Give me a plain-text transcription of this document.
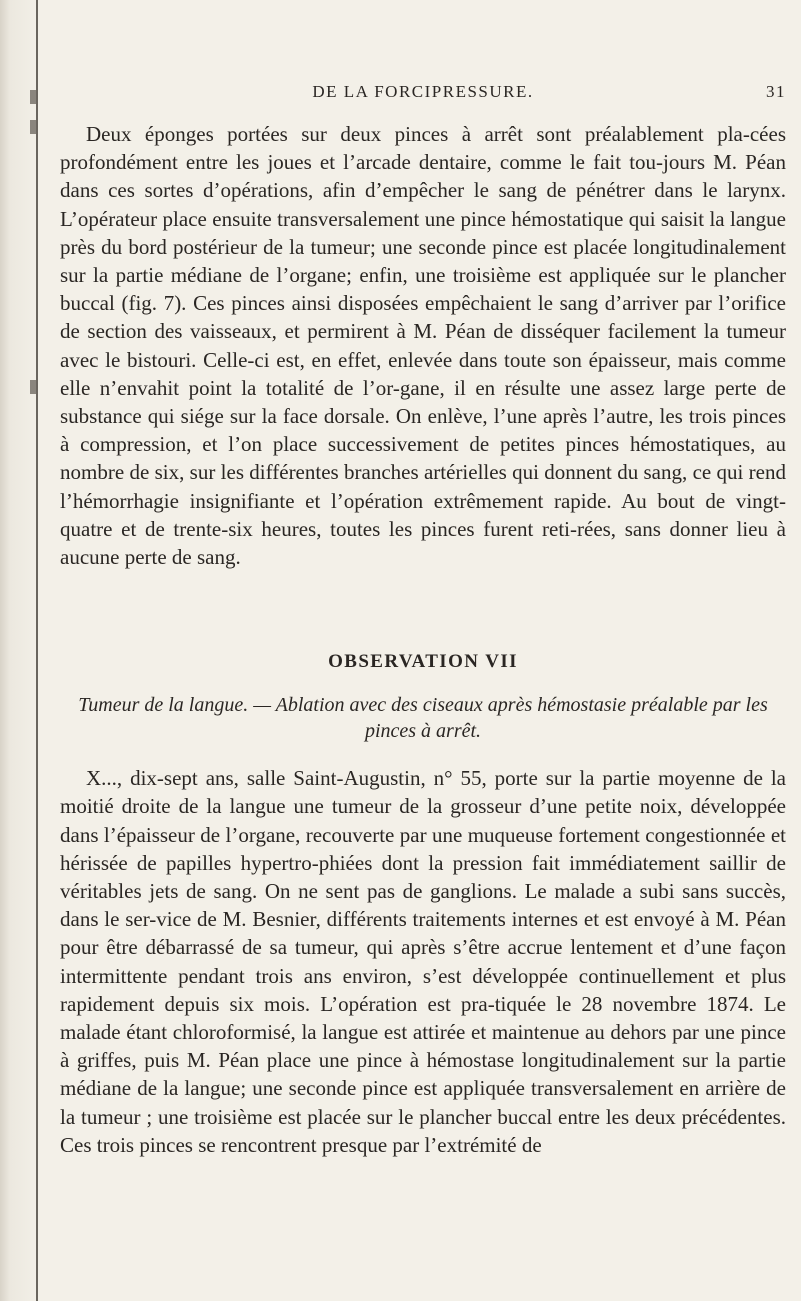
DE LA FORCIPRESSURE.	31

Deux éponges portées sur deux pinces à arrêt sont préalablement pla-cées profondément entre les joues et l’arcade dentaire, comme le fait tou-jours M. Péan dans ces sortes d’opérations, afin d’empêcher le sang de pénétrer dans le larynx. L’opérateur place ensuite transversalement une pince hémostatique qui saisit la langue près du bord postérieur de la tumeur; une seconde pince est placée longitudinalement sur la partie médiane de l’organe; enfin, une troisième est appliquée sur le plancher buccal (fig. 7). Ces pinces ainsi disposées empêchaient le sang d’arriver par l’orifice de section des vaisseaux, et permirent à M. Péan de disséquer facilement la tumeur avec le bistouri. Celle-ci est, en effet, enlevée dans toute son épaisseur, mais comme elle n’envahit point la totalité de l’or-gane, il en résulte une assez large perte de substance qui siége sur la face dorsale. On enlève, l’une après l’autre, les trois pinces à compression, et l’on place successivement de petites pinces hémostatiques, au nombre de six, sur les différentes branches artérielles qui donnent du sang, ce qui rend l’hémorrhagie insignifiante et l’opération extrêmement rapide. Au bout de vingt-quatre et de trente-six heures, toutes les pinces furent reti-rées, sans donner lieu à aucune perte de sang.

OBSERVATION VII

Tumeur de la langue. — Ablation avec des ciseaux après hémostasie préalable par les pinces à arrêt.

X..., dix-sept ans, salle Saint-Augustin, n° 55, porte sur la partie moyenne de la moitié droite de la langue une tumeur de la grosseur d’une petite noix, développée dans l’épaisseur de l’organe, recouverte par une muqueuse fortement congestionnée et hérissée de papilles hypertro-phiées dont la pression fait immédiatement saillir de véritables jets de sang. On ne sent pas de ganglions. Le malade a subi sans succès, dans le ser-vice de M. Besnier, différents traitements internes et est envoyé à M. Péan pour être débarrassé de sa tumeur, qui après s’être accrue lentement et d’une façon intermittente pendant trois ans environ, s’est développée continuellement et plus rapidement depuis six mois. L’opération est pra-tiquée le 28 novembre 1874. Le malade étant chloroformisé, la langue est attirée et maintenue au dehors par une pince à griffes, puis M. Péan place une pince à hémostase longitudinalement sur la partie médiane de la langue; une seconde pince est appliquée transversalement en arrière de la tumeur ; une troisième est placée sur le plancher buccal entre les deux précédentes. Ces trois pinces se rencontrent presque par l’extrémité de
